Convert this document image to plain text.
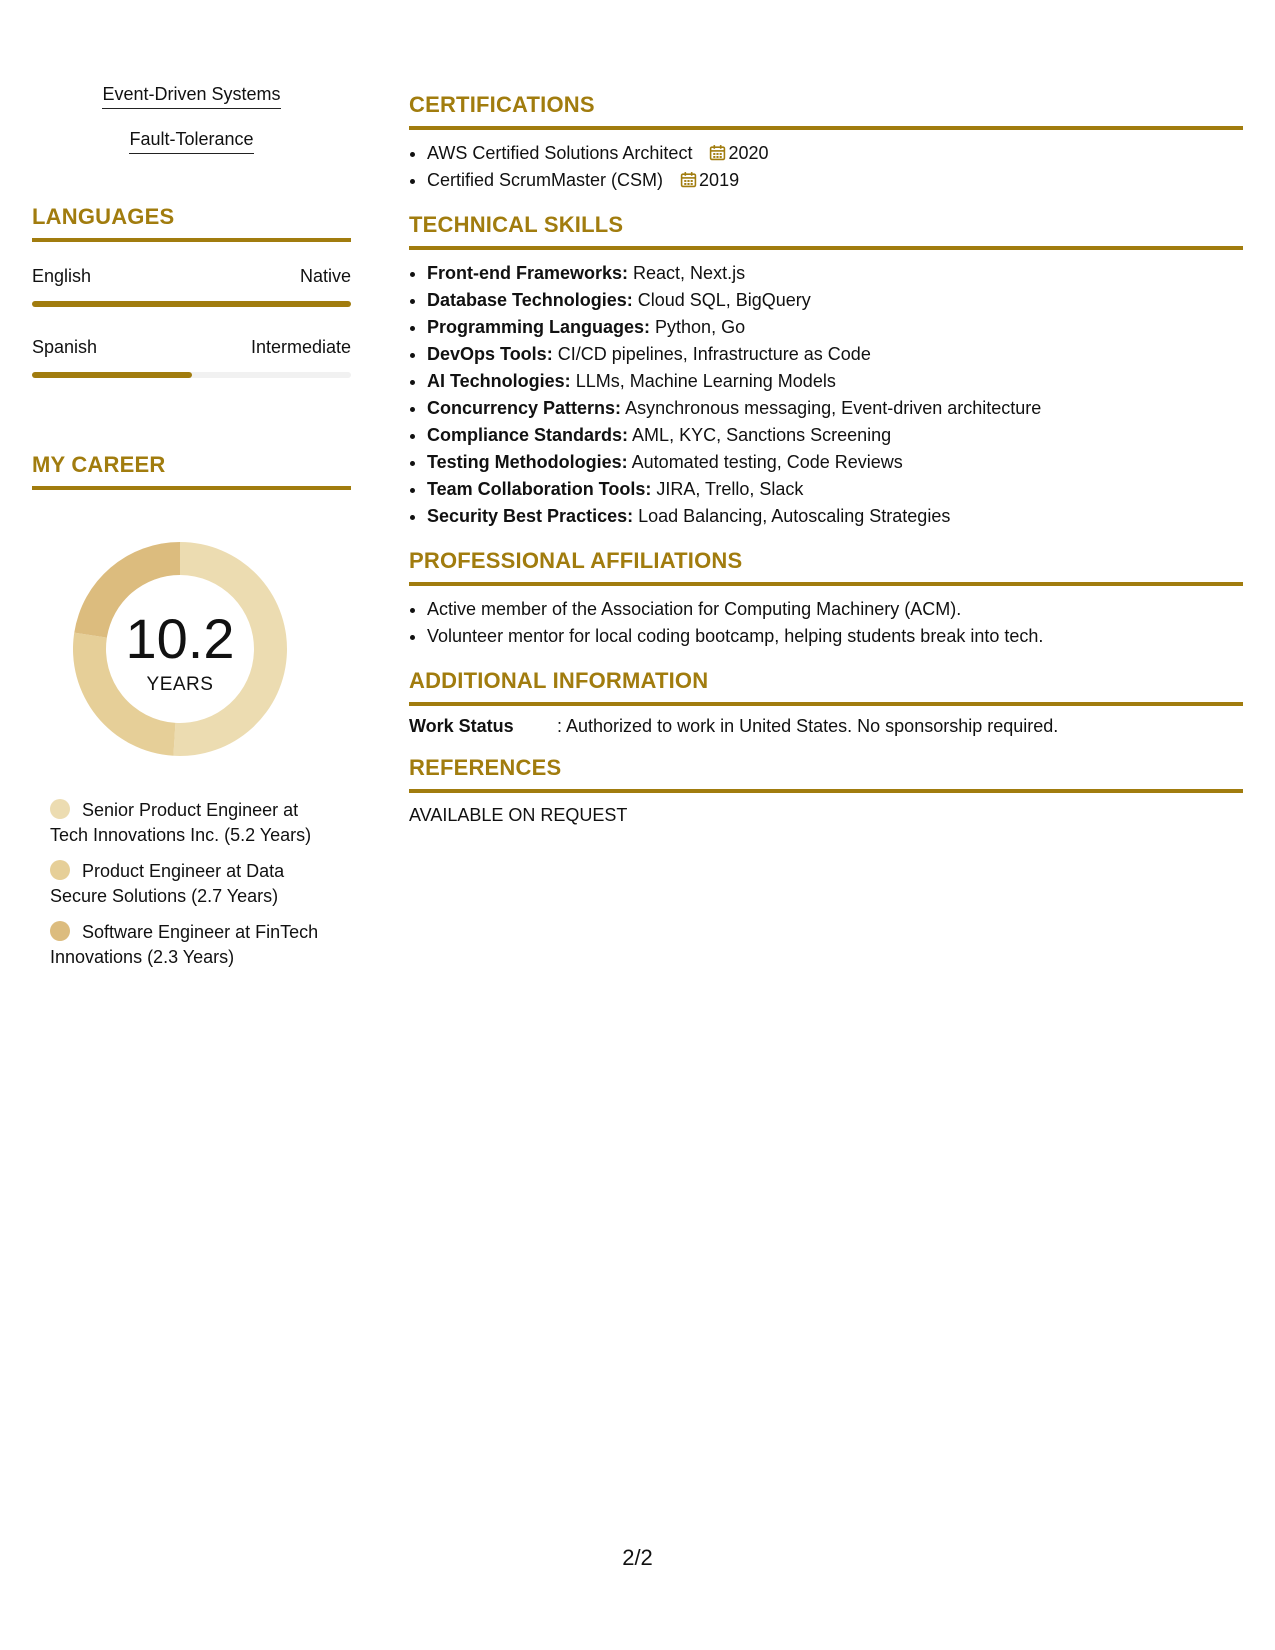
Event-Driven Systems
Fault-Tolerance
LANGUAGES
English	Native
Spanish	Intermediate
MY CAREER
10.2
YEARS
Senior Product Engineer at Tech Innovations Inc. (5.2 Years)
Product Engineer at Data Secure Solutions (2.7 Years)
Software Engineer at FinTech Innovations (2.3 Years)
CERTIFICATIONS
• AWS Certified Solutions Architect 2020
• Certified ScrumMaster (CSM) 2019
TECHNICAL SKILLS
• Front-end Frameworks: React, Next.js
• Database Technologies: Cloud SQL, BigQuery
• Programming Languages: Python, Go
• DevOps Tools: CI/CD pipelines, Infrastructure as Code
• AI Technologies: LLMs, Machine Learning Models
• Concurrency Patterns: Asynchronous messaging, Event-driven architecture
• Compliance Standards: AML, KYC, Sanctions Screening
• Testing Methodologies: Automated testing, Code Reviews
• Team Collaboration Tools: JIRA, Trello, Slack
• Security Best Practices: Load Balancing, Autoscaling Strategies
PROFESSIONAL AFFILIATIONS
• Active member of the Association for Computing Machinery (ACM).
• Volunteer mentor for local coding bootcamp, helping students break into tech.
ADDITIONAL INFORMATION
Work Status	: Authorized to work in United States. No sponsorship required.
REFERENCES
AVAILABLE ON REQUEST
2/2
